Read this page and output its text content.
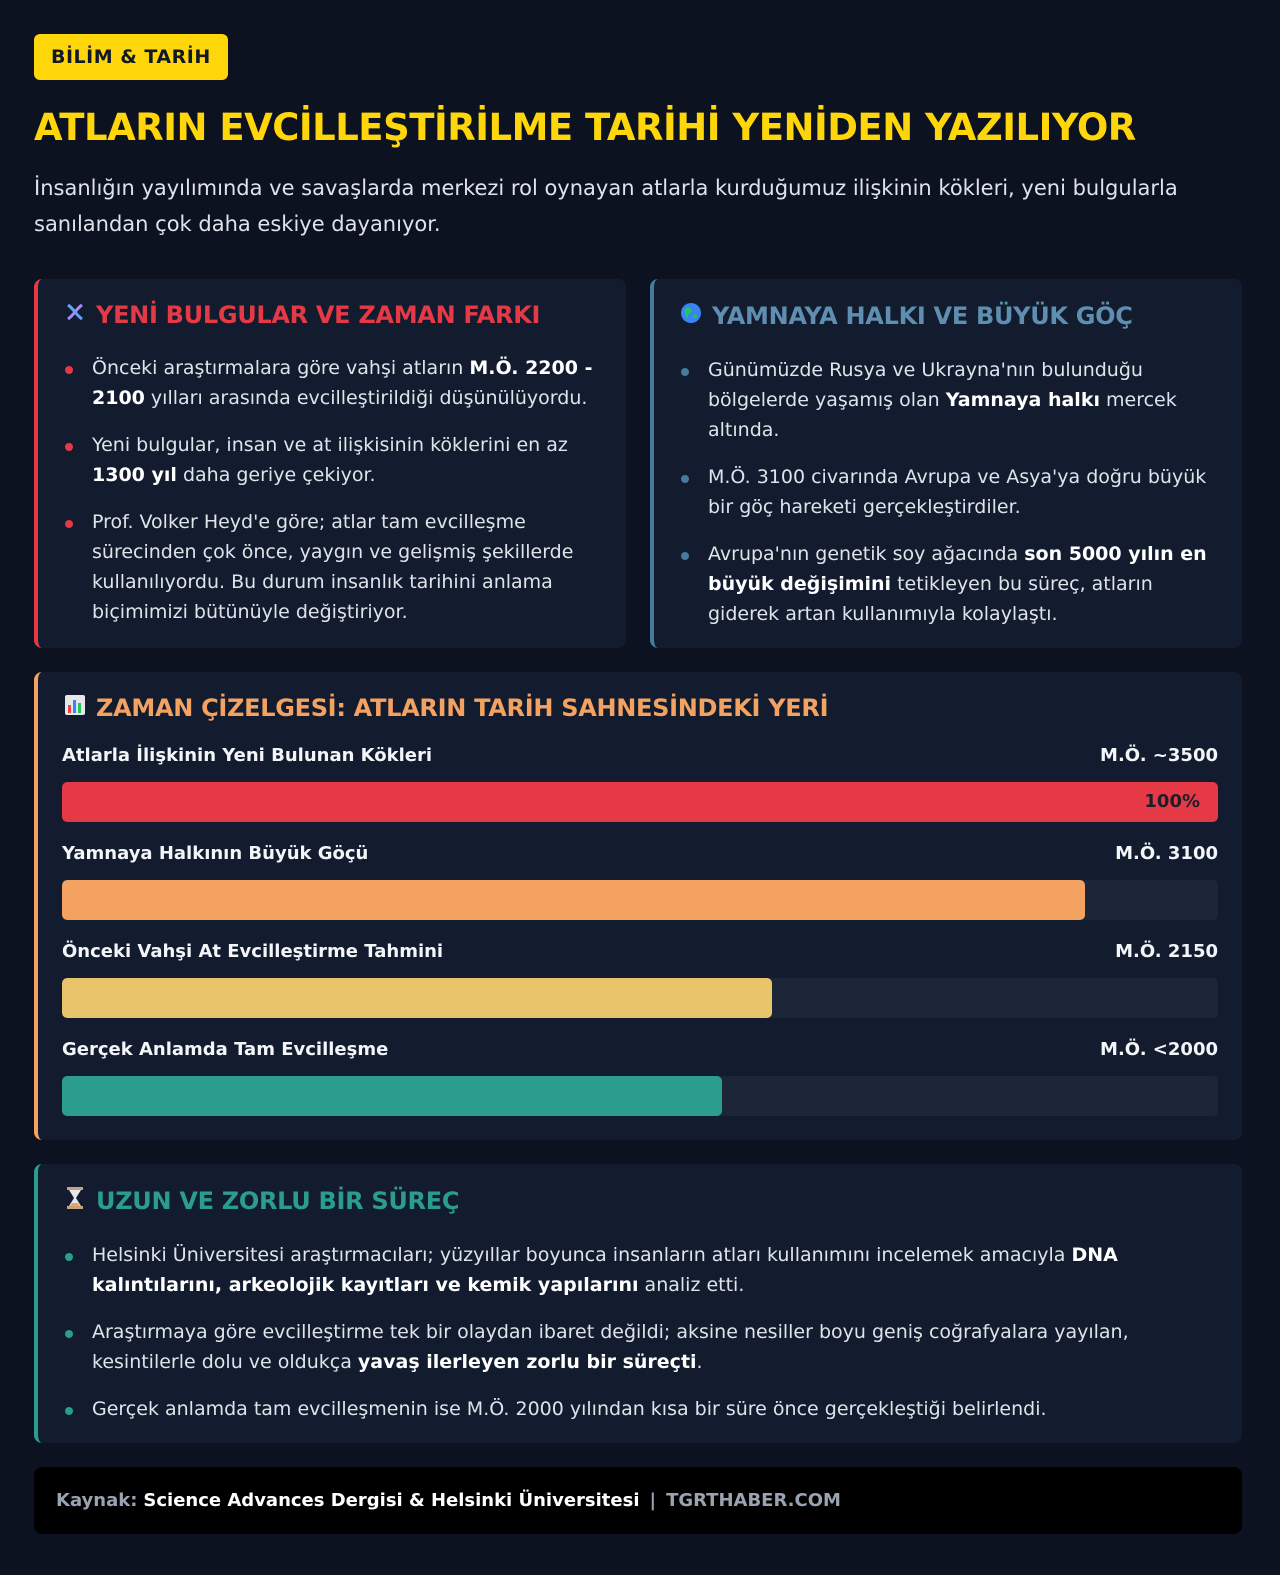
BİLİM & TARİH
ATLARIN EVCİLLEŞTİRİLME TARİHİ YENİDEN YAZILIYOR

İnsanlığın yayılımında ve savaşlarda merkezi rol oynayan atlarla kurduğumuz ilişkinin kökleri, yeni bulgularla sanılandan çok daha eskiye dayanıyor.

YENİ BULGULAR VE ZAMAN FARKI
Önceki araştırmalara göre vahşi atların M.Ö. 2200 - 2100 yılları arasında evcilleştirildiği düşünülüyordu.
Yeni bulgular, insan ve at ilişkisinin köklerini en az 1300 yıl daha geriye çekiyor.
Prof. Volker Heyd'e göre; atlar tam evcilleşme sürecinden çok önce, yaygın ve gelişmiş şekillerde kullanılıyordu. Bu durum insanlık tarihini anlama biçimimizi bütünüyle değiştiriyor.
YAMNAYA HALKI VE BÜYÜK GÖÇ
Günümüzde Rusya ve Ukrayna'nın bulunduğu bölgelerde yaşamış olan Yamnaya halkı mercek altında.
M.Ö. 3100 civarında Avrupa ve Asya'ya doğru büyük bir göç hareketi gerçekleştirdiler.
Avrupa'nın genetik soy ağacında son 5000 yılın en büyük değişimini tetikleyen bu süreç, atların giderek artan kullanımıyla kolaylaştı.
ZAMAN ÇİZELGESİ: ATLARIN TARİH SAHNESİNDEKİ YERİ
Atlarla İlişkinin Yeni Bulunan Kökleri	M.Ö. ~3500
100%
Yamnaya Halkının Büyük Göçü	M.Ö. 3100
Önceki Vahşi At Evcilleştirme Tahmini	M.Ö. 2150
Gerçek Anlamda Tam Evcilleşme	M.Ö. <2000
UZUN VE ZORLU BİR SÜREÇ
Helsinki Üniversitesi araştırmacıları; yüzyıllar boyunca insanların atları kullanımını incelemek amacıyla DNA kalıntılarını, arkeolojik kayıtları ve kemik yapılarını analiz etti.
Araştırmaya göre evcilleştirme tek bir olaydan ibaret değildi; aksine nesiller boyu geniş coğrafyalara yayılan, kesintilerle dolu ve oldukça yavaş ilerleyen zorlu bir süreçti.
Gerçek anlamda tam evcilleşmenin ise M.Ö. 2000 yılından kısa bir süre önce gerçekleştiği belirlendi.
Kaynak: Science Advances Dergisi & Helsinki Üniversitesi | TGRTHABER.COM
